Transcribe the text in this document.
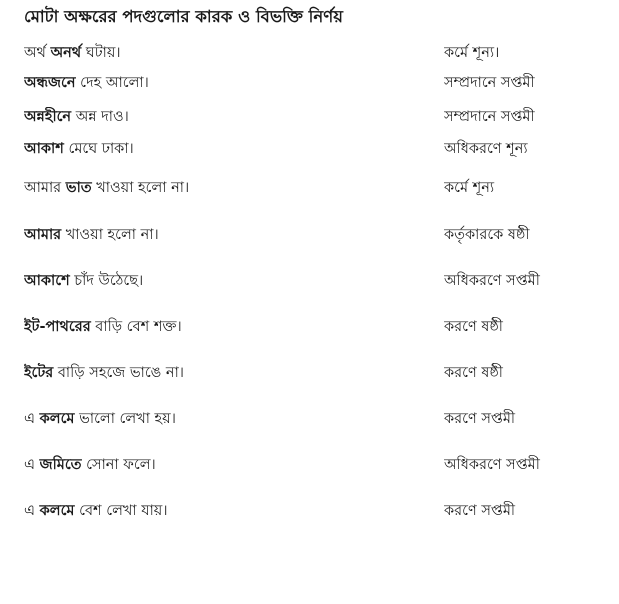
মোটা অক্ষরের পদগুলোর কারক ও বিভক্তি নির্ণয়
অর্থ অনর্থ ঘটায়।	কর্মে শূন্য।
অন্ধজনে দেহ আলো।	সম্প্রদানে সপ্তমী
অন্নহীনে অন্ন দাও।	সম্প্রদানে সপ্তমী
আকাশ মেঘে ঢাকা।	অধিকরণে শূন্য
আমার ভাত খাওয়া হলো না।	কর্মে শূন্য
আমার খাওয়া হলো না।	কর্তৃকারকে ষষ্ঠী
আকাশে চাঁদ উঠেছে।	অধিকরণে সপ্তমী
ইট-পাথরের বাড়ি বেশ শক্ত।	করণে ষষ্ঠী
ইটের বাড়ি সহজে ভাঙে না।	করণে ষষ্ঠী
এ কলমে ভালো লেখা হয়।	করণে সপ্তমী
এ জমিতে সোনা ফলে।	অধিকরণে সপ্তমী
এ কলমে বেশ লেখা যায়।	করণে সপ্তমী
